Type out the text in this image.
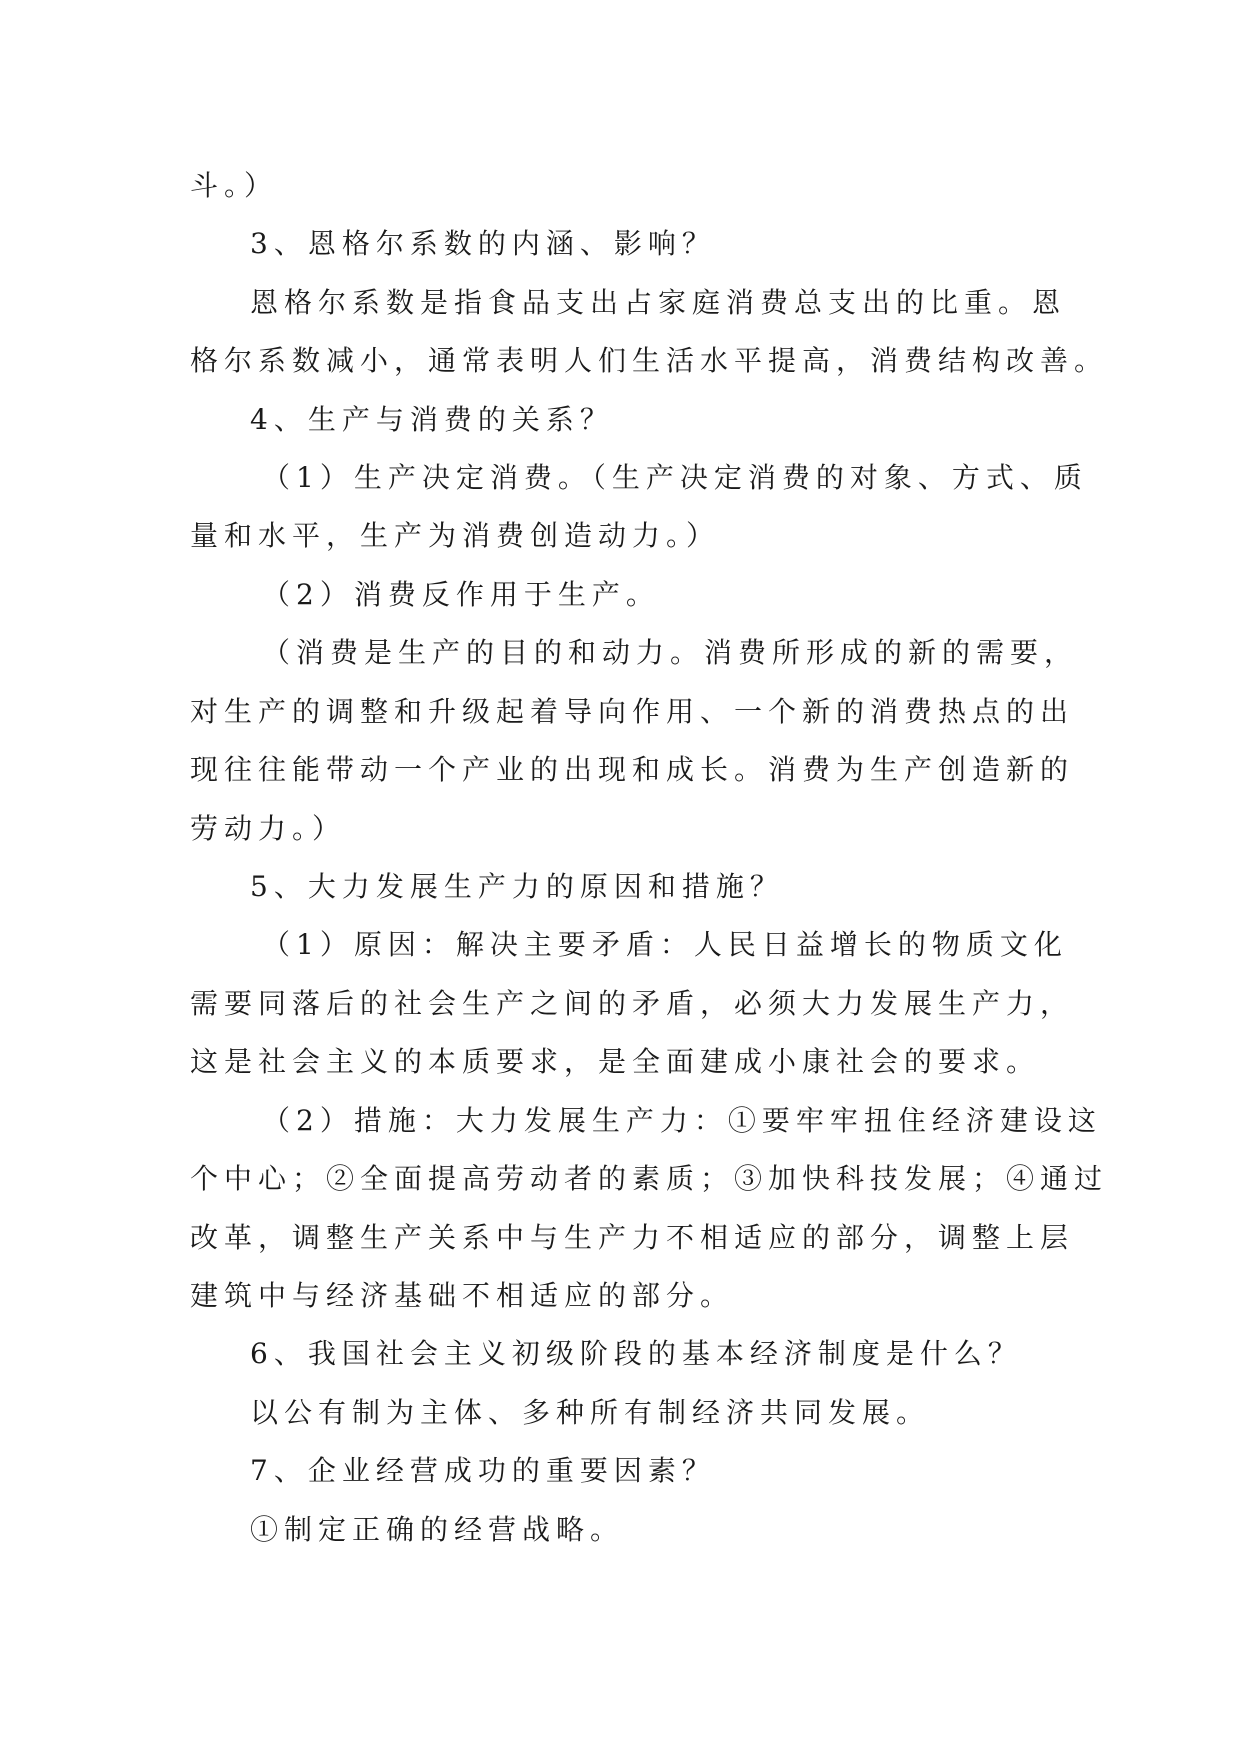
斗。）
3、恩格尔系数的内涵、影响？
恩格尔系数是指食品支出占家庭消费总支出的比重。恩
格尔系数减小，通常表明人们生活水平提高，消费结构改善。
4、生产与消费的关系？
（1）生产决定消费。（生产决定消费的对象、方式、质
量和水平，生产为消费创造动力。）
（2）消费反作用于生产。
（消费是生产的目的和动力。消费所形成的新的需要，
对生产的调整和升级起着导向作用、一个新的消费热点的出
现往往能带动一个产业的出现和成长。消费为生产创造新的
劳动力。）
5、大力发展生产力的原因和措施？
（1）原因：解决主要矛盾：人民日益增长的物质文化
需要同落后的社会生产之间的矛盾，必须大力发展生产力，
这是社会主义的本质要求，是全面建成小康社会的要求。
（2）措施：大力发展生产力：①要牢牢扭住经济建设这
个中心；②全面提高劳动者的素质；③加快科技发展；④通过
改革，调整生产关系中与生产力不相适应的部分，调整上层
建筑中与经济基础不相适应的部分。
6、我国社会主义初级阶段的基本经济制度是什么？
以公有制为主体、多种所有制经济共同发展。
7、企业经营成功的重要因素？
①制定正确的经营战略。
